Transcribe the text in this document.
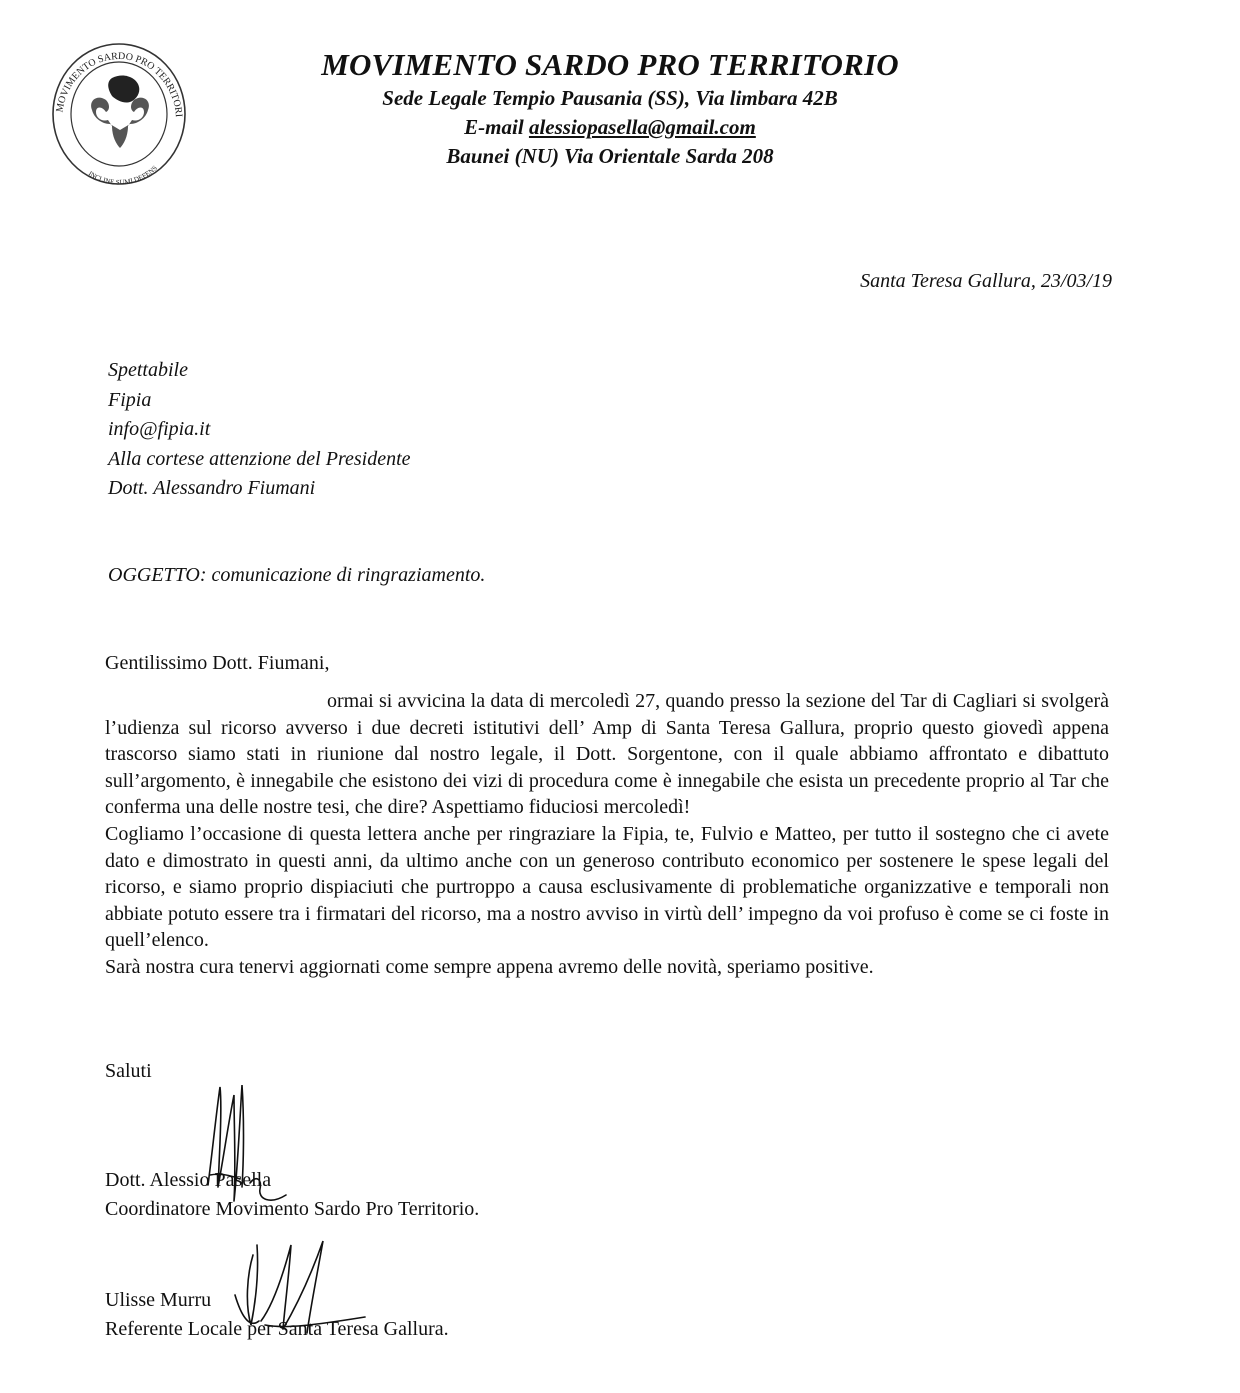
MOVIMENTO SARDO PRO TERRITORI
INCLINE SUMI DEFENS
MOVIMENTO SARDO PRO TERRITORIO
Sede Legale Tempio Pausania (SS), Via limbara 42B
E-mail alessiopasella@gmail.com
Baunei (NU) Via Orientale Sarda 208
Santa Teresa Gallura, 23/03/19
Spettabile
Fipia
info@fipia.it
Alla cortese attenzione del Presidente
Dott. Alessandro Fiumani
OGGETTO: comunicazione di ringraziamento.
Gentilissimo Dott. Fiumani,

ormai si avvicina la data di mercoledì 27, quando presso la sezione del Tar di Cagliari si svolgerà l’udienza sul ricorso avverso i due decreti istitutivi dell’ Amp di Santa Teresa Gallura, proprio questo giovedì appena trascorso siamo stati in riunione dal nostro legale, il Dott. Sorgentone, con il quale abbiamo affrontato e dibattuto sull’argomento, è innegabile che esistono dei vizi di procedura come è innegabile che esista un precedente proprio al Tar che conferma una delle nostre tesi, che dire? Aspettiamo fiduciosi mercoledì!

Cogliamo l’occasione di questa lettera anche per ringraziare la Fipia, te, Fulvio e Matteo, per tutto il sostegno che ci avete dato e dimostrato in questi anni, da ultimo anche con un generoso contributo economico per sostenere le spese legali del ricorso, e siamo proprio dispiaciuti che purtroppo a causa esclusivamente di problematiche organizzative e temporali non abbiate potuto essere tra i firmatari del ricorso, ma a nostro avviso in virtù dell’ impegno da voi profuso è come se ci foste in quell’elenco.

Sarà nostra cura tenervi aggiornati come sempre appena avremo delle novità, speriamo positive.

Saluti
Dott. Alessio Pasella
Coordinatore Movimento Sardo Pro Territorio.
Ulisse Murru
Referente Locale per Santa Teresa Gallura.
